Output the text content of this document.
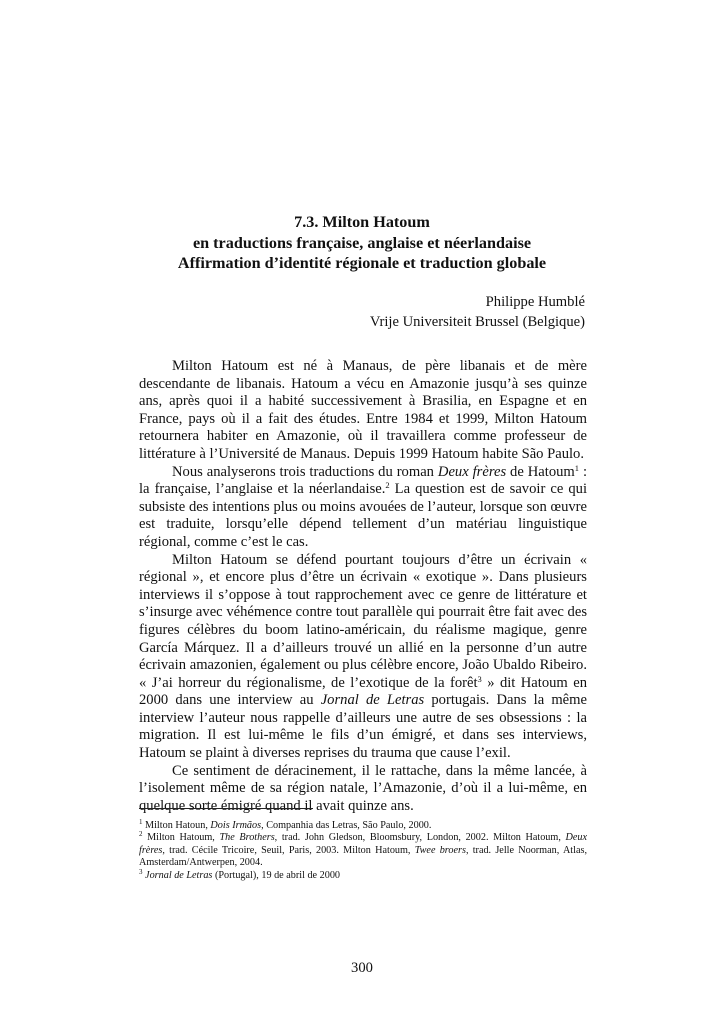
7.3. Milton Hatoum
en traductions française, anglaise et néerlandaise
Affirmation d’identité régionale et traduction globale
Philippe Humblé
Vrije Universiteit Brussel (Belgique)

Milton Hatoum est né à Manaus, de père libanais et de mère descendante de libanais. Hatoum a vécu en Amazonie jusqu’à ses quinze ans, après quoi il a habité successivement à Brasilia, en Espagne et en France, pays où il a fait des études. Entre 1984 et 1999, Milton Hatoum retournera habiter en Amazonie, où il travaillera comme professeur de littérature à l’Université de Manaus. Depuis 1999 Hatoum habite São Paulo.

Nous analyserons trois traductions du roman Deux frères de Hatoum$^1$ : la française, l’anglaise et la néerlandaise.$^2$ La question est de savoir ce qui subsiste des intentions plus ou moins avouées de l’auteur, lorsque son œuvre est traduite, lorsqu’elle dépend tellement d’un matériau linguistique régional, comme c’est le cas.

Milton Hatoum se défend pourtant toujours d’être un écrivain « régional », et encore plus d’être un écrivain « exotique ». Dans plusieurs interviews il s’oppose à tout rapprochement avec ce genre de littérature et s’insurge avec véhémence contre tout parallèle qui pourrait être fait avec des figures célèbres du boom latino-américain, du réalisme magique, genre García Márquez. Il a d’ailleurs trouvé un allié en la personne d’un autre écrivain amazonien, également ou plus célèbre encore, João Ubaldo Ribeiro. « J’ai horreur du régionalisme, de l’exotique de la forêt$^3$ » dit Hatoum en 2000 dans une interview au Jornal de Letras portugais. Dans la même interview l’auteur nous rappelle d’ailleurs une autre de ses obsessions : la migration. Il est lui-même le fils d’un émigré, et dans ses interviews, Hatoum se plaint à diverses reprises du trauma que cause l’exil.

Ce sentiment de déracinement, il le rattache, dans la même lancée, à l’isolement même de sa région natale, l’Amazonie, d’où il a lui-même, en quelque sorte émigré quand il avait quinze ans.

$^1$ Milton Hatoun, Dois Irmãos, Companhia das Letras, São Paulo, 2000.

$^2$ Milton Hatoum, The Brothers, trad. John Gledson, Bloomsbury, London, 2002. Milton Hatoum, Deux frères, trad. Cécile Tricoire, Seuil, Paris, 2003. Milton Hatoum, Twee broers, trad. Jelle Noorman, Atlas, Amsterdam/Antwerpen, 2004.

$^3$ Jornal de Letras (Portugal), 19 de abril de 2000

300
